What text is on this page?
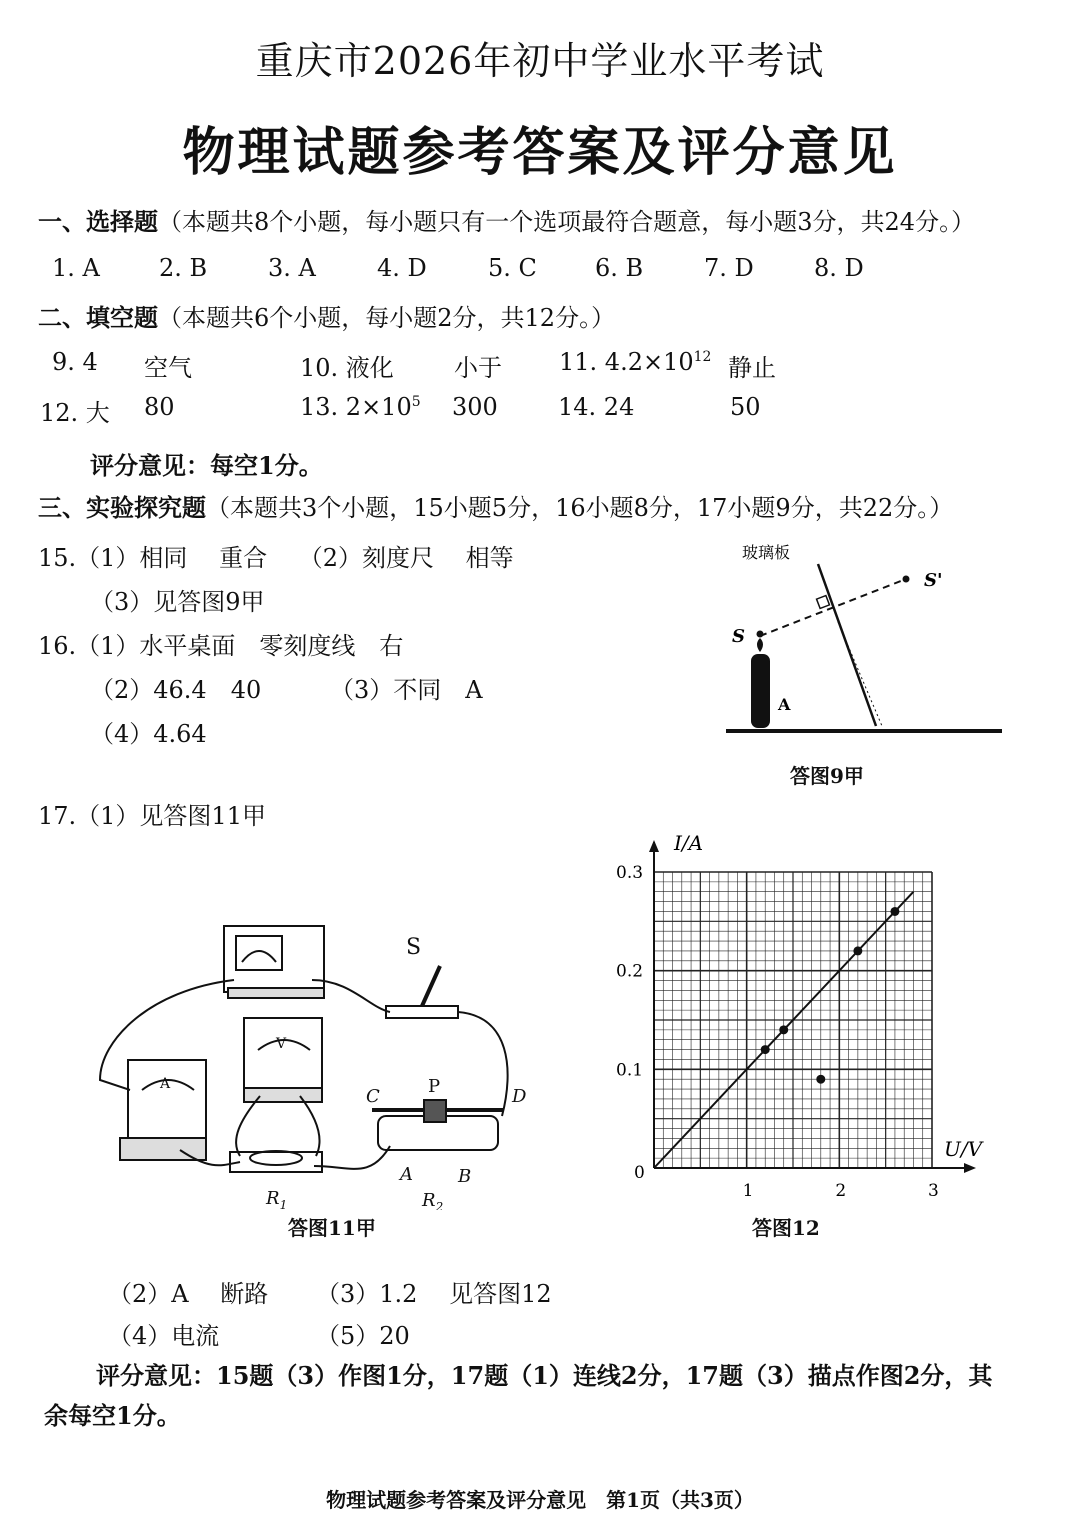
重庆市2026年初中学业水平考试
物理试题参考答案及评分意见
一、选择题（本题共8个小题，每小题只有一个选项最符合题意，每小题3分，共24分。）
1. A 2. B	3. A	4. D	5. C 6. B	7. D	8. D
二、填空题（本题共6个小题，每小题2分，共12分。）
9. 4 空气	10. 液化	小于 11. $4.2\times 10^{12}$ 静止
12. 大 80	13. $2\times 10^5$ 300	14. 24	50
评分意见：每空1分。
三、实验探究题（本题共3个小题，15小题5分，16小题8分，17小题9分，共22分。）
15.（1）相同　 重合　 （2）刻度尺　 相等
（3）见答图9甲
16.（1）水平桌面　零刻度线　右
（2）46.4　40	（3）不同　A
（4）4.64
17.（1）见答图11甲
玻璃板
S'
S
A
答图9甲
S
P
C	D
A	B
$R_1$	$R_2$
A
V
答图11甲
1	2	3
0.1
0.2
0.3
0
I/A
U/V
答图12
（2）A　 断路 （3）1.2　 见答图12
（4）电流	（5）20
评分意见：15题（3）作图1分，17题（1）连线2分，17题（3）描点作图2分，其
余每空1分。
物理试题参考答案及评分意见　第1页（共3页）
